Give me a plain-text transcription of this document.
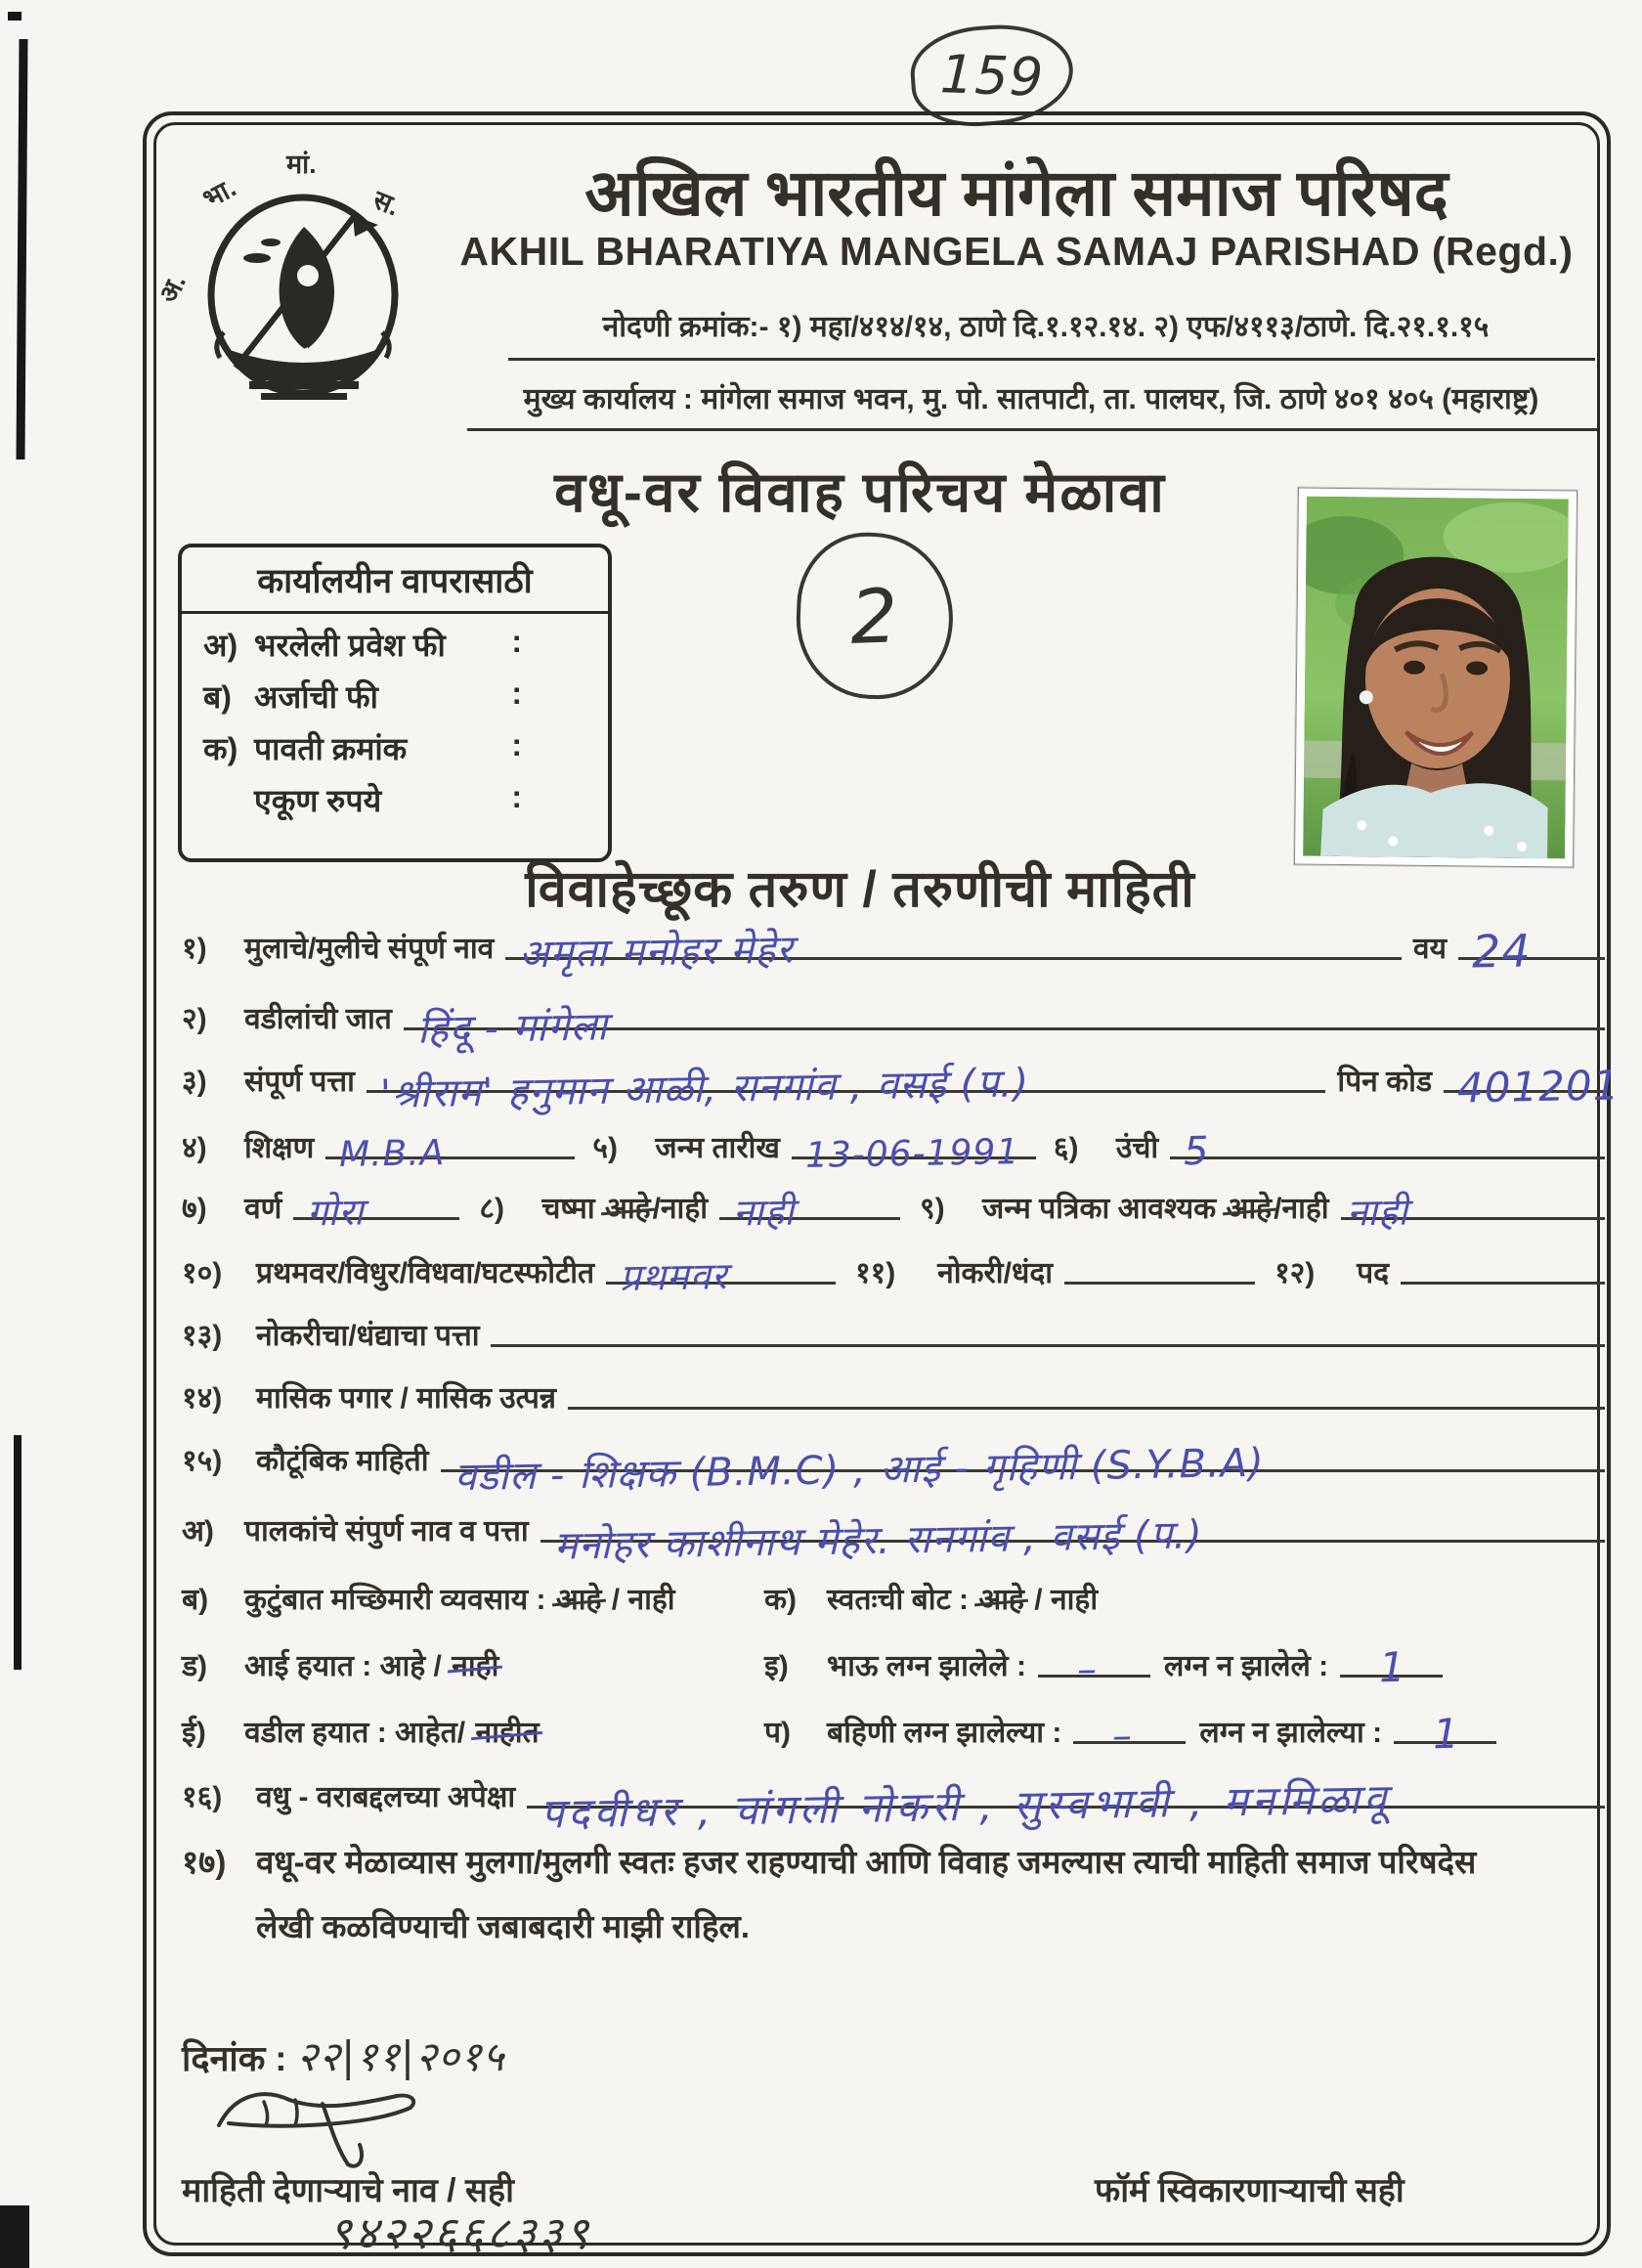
159
मां.
भा.	स.
अ.
अखिल भारतीय मांगेला समाज परिषद
AKHIL BHARATIYA MANGELA SAMAJ PARISHAD (Regd.)
नोदणी क्रमांक:- १) महा/४१४/१४, ठाणे दि.१.१२.१४. २) एफ/४११३/ठाणे. दि.२१.१.१५
मुख्य कार्यालय : मांगेला समाज भवन, मु. पो. सातपाटी, ता. पालघर, जि. ठाणे ४०१ ४०५ (महाराष्ट्र)
वधू-वर विवाह परिचय मेळावा
कार्यालयीन वापरासाठी
अ) भरलेली प्रवेश फी :
ब) अर्जाची फी	:
क) पावती क्रमांक	:
एकूण रुपये	:
2
विवाहेच्छूक तरुण / तरुणीची माहिती
१)	मुलाचे/मुलीचे संपूर्ण नाव अमृता मनोहर मेहेर	वय 24
२)	वडीलांची जात हिंदू - मांगेला
३)	संपूर्ण पत्ता 'श्रीराम' हनुमान आळी, रानगांव , वसई (प.)	पिन कोड 401201
४)	शिक्षण M.B.A	५)	जन्म तारीख 13-06-1991	६)	उंची 5
७)	वर्ण गोरा	८)	चष्मा आहे/नाही नाही	९)	जन्म पत्रिका आवश्यक आहे/नाही नाही
१०)	प्रथमवर/विधुर/विधवा/घटस्फोटीत प्रथमवर	११)	नोकरी/धंदा	१२)	पद
१३)	नोकरीचा/धंद्याचा पत्ता
१४)	मासिक पगार / मासिक उत्पन्न
१५)	कौटूंबिक माहिती वडील - शिक्षक (B.M.C) , आई - गृहिणी (S.Y.B.A)
अ)	पालकांचे संपुर्ण नाव व पत्ता मनोहर काशीनाथ मेहेर. रानगांव , वसई (प.)
ब)	कुटुंबात मच्छिमारी व्यवसाय : आहे / नाही	क)	स्वतःची बोट : आहे / नाही
ड)	आई हयात : आहे / नाही	इ)	भाऊ लग्न झालेले :	–	लग्न न झालेले : 1
ई)	वडील हयात : आहेत/ नाहीत	प)	बहिणी लग्न झालेल्या :	–	लग्न न झालेल्या : 1
१६)	वधु - वराबद्दलच्या अपेक्षा पदवीधर , चांगली नोकरी , सुस्वभावी , मनमिळावू
१७) वधू-वर मेळाव्यास मुलगा/मुलगी स्वतः हजर राहण्याची आणि विवाह जमल्यास त्याची माहिती समाज परिषदेस
लेखी कळविण्याची जबाबदारी माझी राहिल.
दिनांक : २२|११|२०१५
माहिती देणाऱ्याचे नाव / सही
९४२२६६८३३९
फॉर्म स्विकारणाऱ्याची सही
